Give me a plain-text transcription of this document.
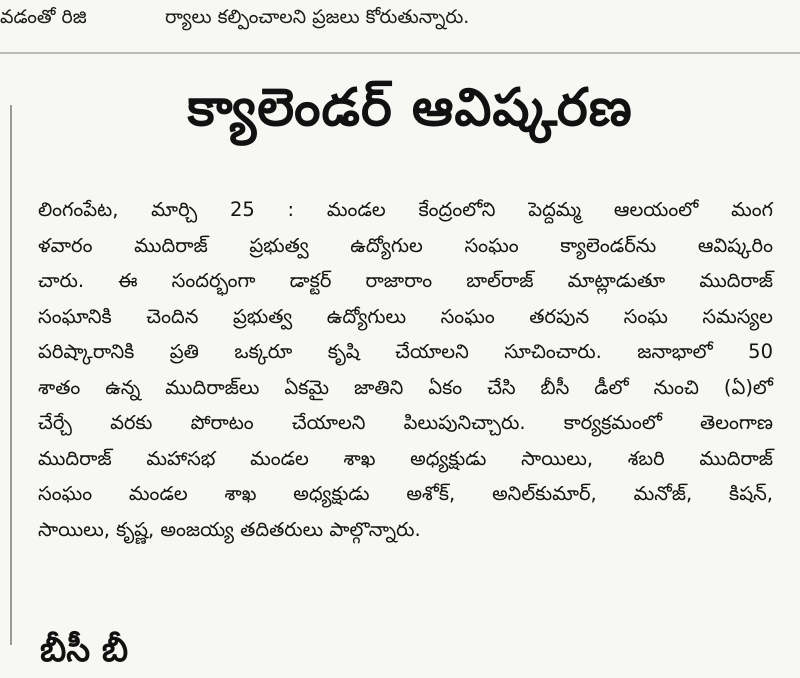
వడంతో రిజి	ర్యాలు కల్పించాలని ప్రజలు కోరుతున్నారు.
క్యాలెండర్ ఆవిష్కరణ
లింగంపేట, మార్చి 25 : మండల కేంద్రంలోని పెద్దమ్మ ఆలయంలో మంగ
ళవారం ముదిరాజ్ ప్రభుత్వ ఉద్యోగుల సంఘం క్యాలెండర్‌ను ఆవిష్కరిం
చారు. ఈ సందర్భంగా డాక్టర్ రాజారాం బాల్‌రాజ్ మాట్లాడుతూ ముదిరాజ్
సంఘానికి చెందిన ప్రభుత్వ ఉద్యోగులు సంఘం తరపున సంఘ సమస్యల
పరిష్కారానికి ప్రతి ఒక్కరూ కృషి చేయాలని సూచించారు. జనాభాలో 50
శాతం ఉన్న ముదిరాజ్‌లు ఏకమై జాతిని ఏకం చేసి బీసీ డీలో నుంచి (ఏ)లో
చేర్చే వరకు పోరాటం చేయాలని పిలుపునిచ్చారు. కార్యక్రమంలో తెలంగాణ
ముదిరాజ్ మహాసభ మండల శాఖ అధ్యక్షుడు సాయిలు, శబరి ముదిరాజ్
సంఘం మండల శాఖ అధ్యక్షుడు అశోక్, అనిల్‌కుమార్, మనోజ్, కిషన్,
సాయిలు, కృష్ణ, అంజయ్య తదితరులు పాల్గొన్నారు.
బీసీ బీ
